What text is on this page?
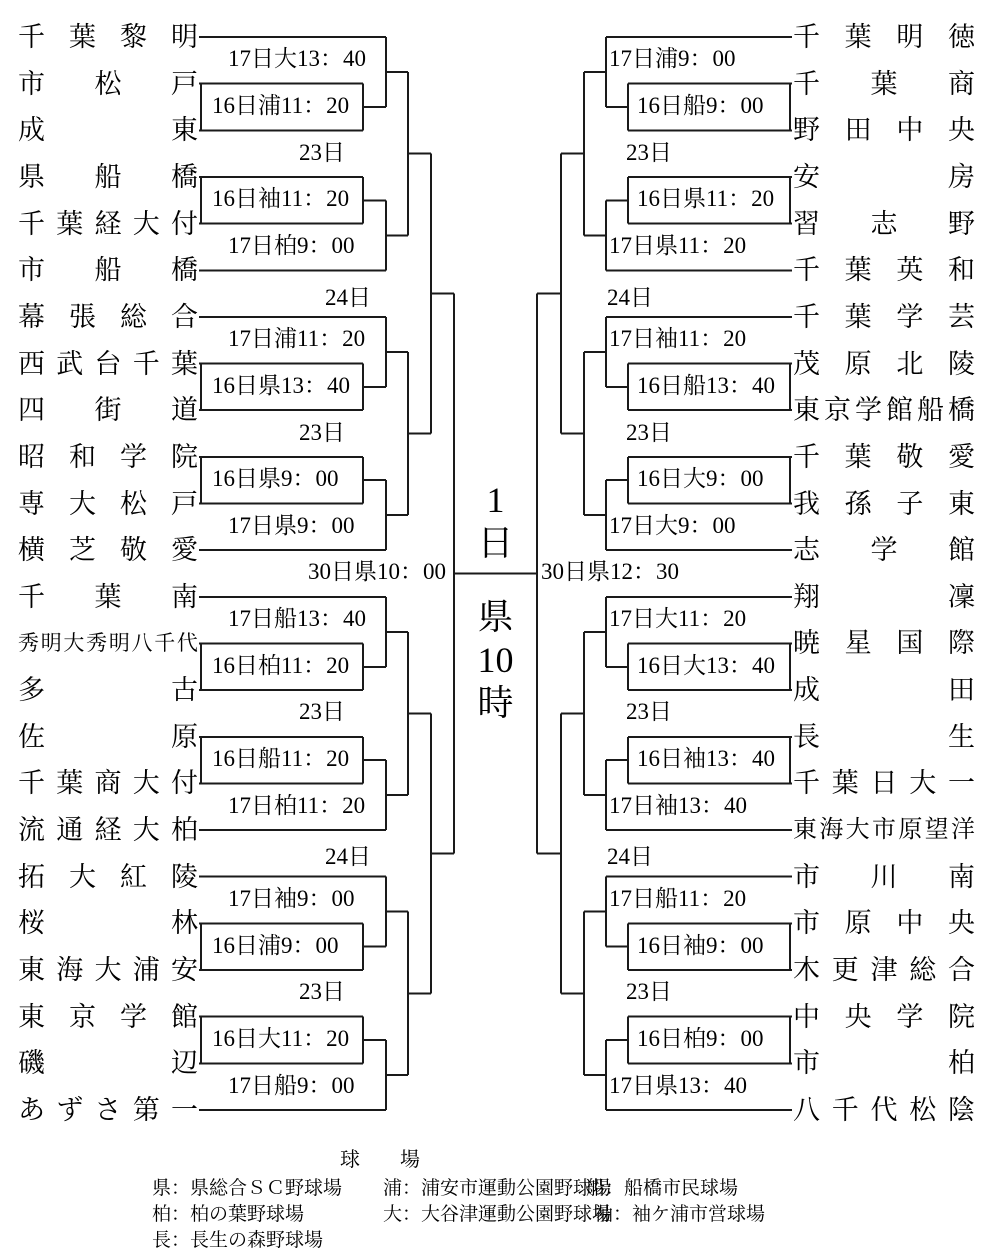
千 葉 黎 明
市 松 戸
成	東
県 船 橋
千 葉 経 大 付
市 船 橋
幕 張 総 合
西 武 台 千 葉
四 街 道
昭 和 学 院
専 大 松 戸
横 芝 敬 愛
千 葉 南
秀 明 大 秀 明 八 千 代
多	古
佐	原
千 葉 商 大 付
流 通 経 大 柏
拓 大 紅 陵
桜	林
東 海 大 浦 安
東 京 学 館
磯	辺
あ ず さ 第 一
16日浦11：20
17日大13：40
16日袖11：20
17日柏9：00
16日県13：40
17日浦11：20
16日県9：00
17日県9：00
16日柏11：20
17日船13：40
16日船11：20
17日柏11：20
16日浦9：00
17日袖9：00
16日大11：20
17日船9：00
23日
23日
23日
23日
24日
24日
千 葉 明 徳
千 葉 商
野 田 中 央
安	房
習 志 野
千 葉 英 和
千 葉 学 芸
茂 原 北 陵
東 京 学 館 船 橋
千 葉 敬 愛
我 孫 子 東
志 学 館
翔	凜
暁 星 国 際
成	田
長	生
千 葉 日 大 一
東 海 大 市 原 望 洋
市 川 南
市 原 中 央
木 更 津 総 合
中 央 学 院
市	柏
八 千 代 松 陰
16日船9：00
17日浦9：00
16日県11：20
17日県11：20
16日船13：40
17日袖11：20
16日大9：00
17日大9：00
16日大13：40
17日大11：20
16日袖13：40
17日袖13：40
16日袖9：00
17日船11：20
16日柏9：00
17日県13：40
23日
23日
23日
23日
24日
24日
1
日
県
10
時
30日県10：00	30日県12：30
球　場
県：県総合ＳＣ野球場 浦：浦安市運動公園野球場
船：船橋市民球場
柏：柏の葉野球場	大：大谷津運動公園野球場
袖：袖ケ浦市営球場
長：長生の森野球場
